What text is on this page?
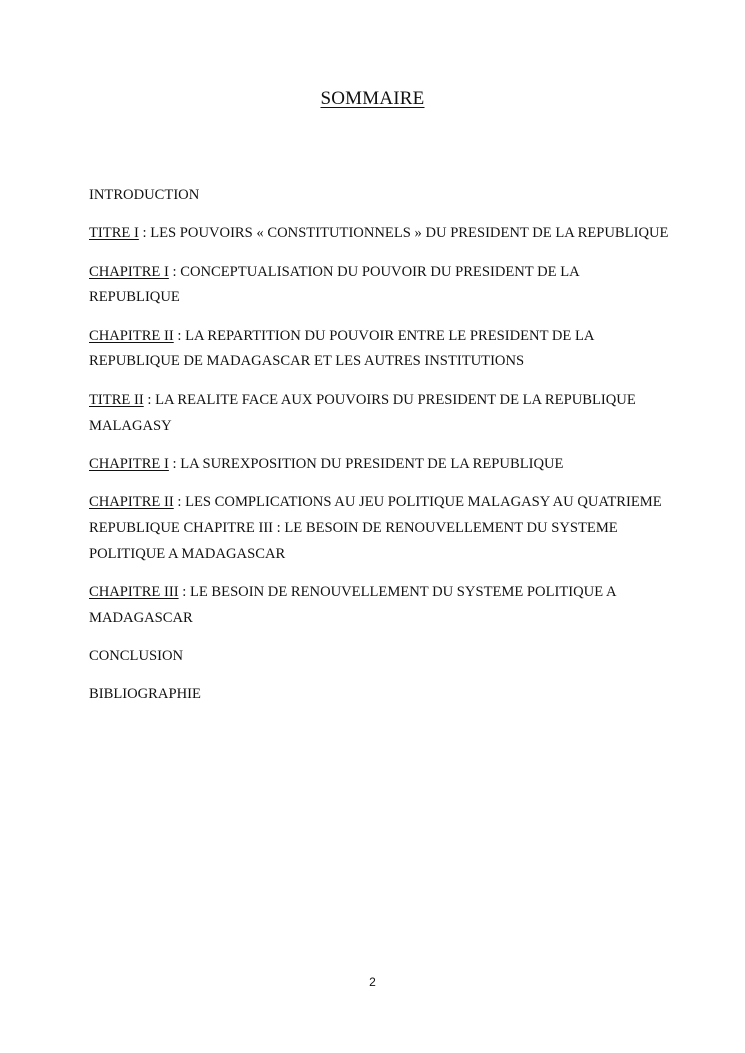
SOMMAIRE
INTRODUCTION
TITRE I : LES POUVOIRS « CONSTITUTIONNELS » DU PRESIDENT DE LA REPUBLIQUE
CHAPITRE I : CONCEPTUALISATION DU POUVOIR DU PRESIDENT DE LA REPUBLIQUE
CHAPITRE II : LA REPARTITION DU POUVOIR ENTRE LE PRESIDENT DE LA REPUBLIQUE DE MADAGASCAR ET LES AUTRES INSTITUTIONS
TITRE II : LA REALITE FACE AUX POUVOIRS DU PRESIDENT DE LA REPUBLIQUE MALAGASY
CHAPITRE I : LA SUREXPOSITION DU PRESIDENT DE LA REPUBLIQUE
CHAPITRE II : LES COMPLICATIONS AU JEU POLITIQUE MALAGASY AU QUATRIEME REPUBLIQUE CHAPITRE III : LE BESOIN DE RENOUVELLEMENT DU SYSTEME POLITIQUE A MADAGASCAR
CHAPITRE III : LE BESOIN DE RENOUVELLEMENT DU SYSTEME POLITIQUE A MADAGASCAR
CONCLUSION
BIBLIOGRAPHIE
2
